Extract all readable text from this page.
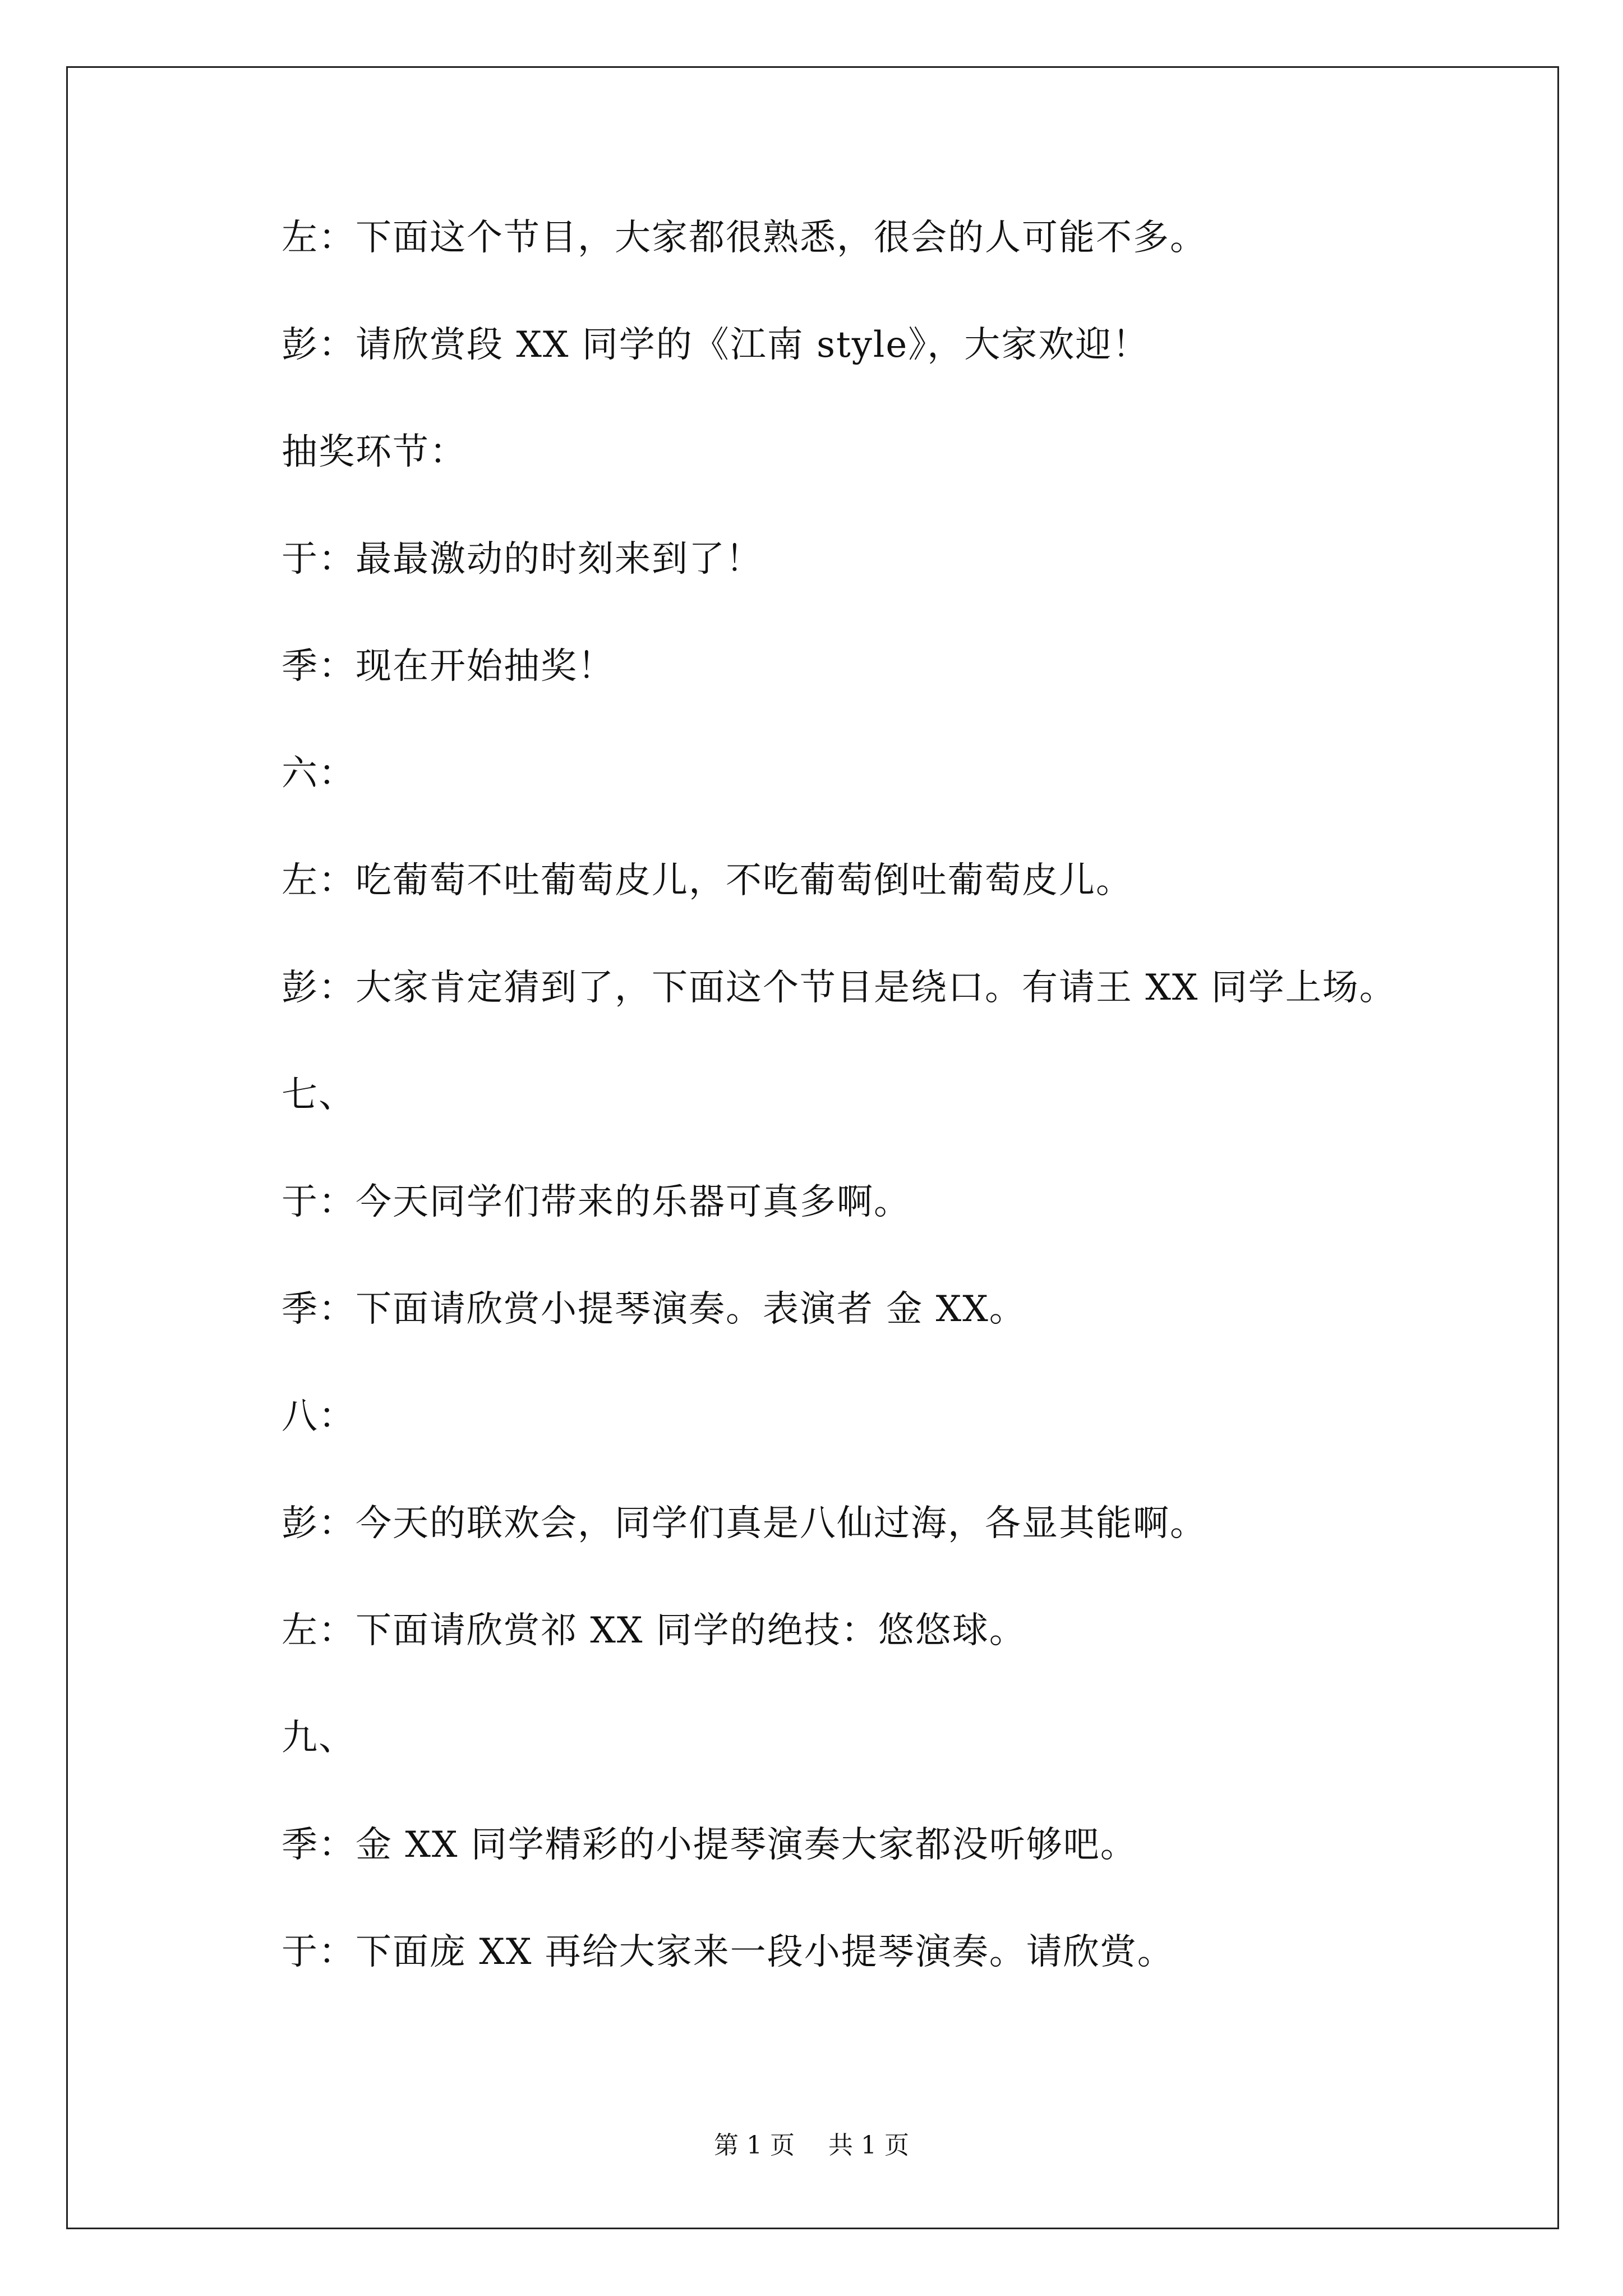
左：下面这个节目，大家都很熟悉，很会的人可能不多。
彭：请欣赏段 XX 同学的《江南 style》，大家欢迎！
抽奖环节：
于：最最激动的时刻来到了！
季：现在开始抽奖！
六：
左：吃葡萄不吐葡萄皮儿，不吃葡萄倒吐葡萄皮儿。
彭：大家肯定猜到了，下面这个节目是绕口。有请王 XX 同学上场。
七、
于：今天同学们带来的乐器可真多啊。
季：下面请欣赏小提琴演奏。表演者 金 XX。
八：
彭：今天的联欢会，同学们真是八仙过海，各显其能啊。
左：下面请欣赏祁 XX 同学的绝技：悠悠球。
九、
季：金 XX 同学精彩的小提琴演奏大家都没听够吧。
于：下面庞 XX 再给大家来一段小提琴演奏。请欣赏。
第 1 页 共 1 页
